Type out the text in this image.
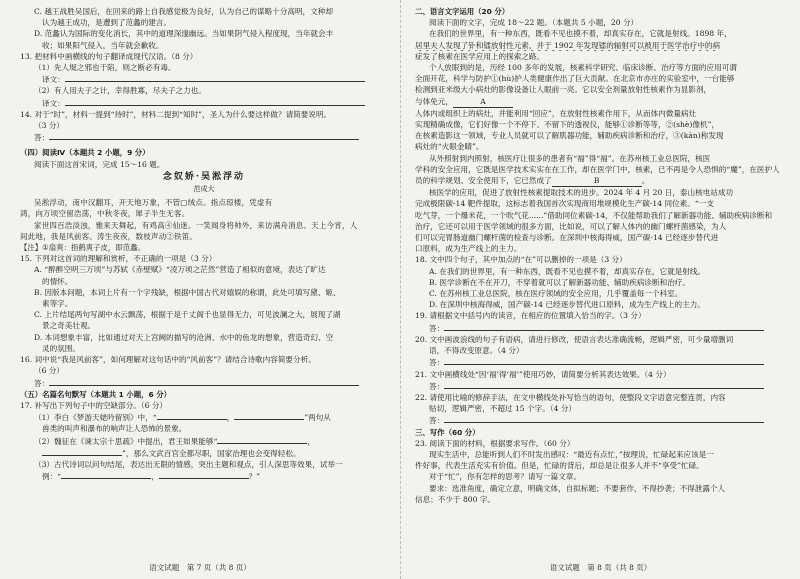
C. 越王战胜吴国后，在回来的路上自我感觉极为良好，认为自己的谋略十分高明，文种却
认为越王成功，是遭到了范蠡的建言。
D. 范蠡认为国际的变化消长，其中的道理深邃幽远。当如果阴气侵入程度现，当年就会丰
收；如果阳气侵入，当年就会歉收。
13. 把材料中画横线的句子翻译成现代汉语。（8 分）
（1）先人埏之邪也于陷，则之断必有毒。
译文：
（2）有人用夫子之计，幸得胜寡，尽夫子之力也。
译文：
14. 对于“时”，材料一提到“待时”，材料二提到“知时”，圣人为什么要这样做？请简要说明。
（3 分）
答：
（四）阅读Ⅳ（本题共 2 小题，9 分）
阅读下面这首宋词，完成 15～16 题。
念奴娇·吴淞浮动
范成大
吴淞浮动，南中汉翻耳，开天地万象，不管▢绒点。指点琼楼，凭虚有
鸿，向万顷空留浩荡，中秋冬夜，犀子半生无客。
家世四百浩淡浊，雅来天舞起，有鸡高④仙迷。一笑闻身将帅外，来访满舟消息。天上今宵，人
间此地，我是风前客。涛生夜夜，数枝声动②铁笛。
【注】①扇爽：指鹤爽子皮，即范蠡。
15. 下列对这首词的理解和赏析，不正确的一项是（3 分）
A. “醉醉空明三万顷”与苏轼《赤壁赋》“凌万顷之茫然”营造了相似的意境，表达了旷达
的情怀。
B. 因版本问题，本词上片有一个字残缺，根据中国古代对嬉娱的称谓，此处可填写黛、姬、
素等字。
C. 上片结尾两句写湖中水云飘荡，根据于是千丈阁千也显得无力，可见波澜之大，展现了湖
景之奇美壮观。
D. 本词想象丰富，比如通过对天上宫阙的描写的沧洲、水中的鱼龙的想象，营造奇幻、空
灵的氛围。
16. 词中说“我是风前客”，如何理解对这句话中的“风前客”？请结合诗歌内容简要分析。
（6 分）
答：
（五）名篇名句默写（本题共 1 小题，6 分）
17. 补写出下列句子中的空缺部分。（6 分）
（1）李白《梦游天姥吟留别》中，“	，	”两句从
兽类的叫声和瀑布的响声让人恐怖的景象。
（2）魏征在《谏太宗十思疏》中提出，君王如果能够“	，
”，那么文武百官全都尽职，国家治理也会变得轻松。
（3）古代诗词以问句结尾，表达出无限的情感，突出主题和观点，引人深思等效果，试举一
例：“	，	？”
语文试题　第 7 页（共 8 页）
二、语言文字运用（20 分）
阅读下面的文字，完成 18～22 题。（本题共 5 小题，20 分）
在我们的世界里，有一种东西，既看不见也摸不着，却真实存在，它就是射线。1898 年，
居里夫人发现了钋和镭放射性元素，并于 1902 年发现镭的辐射可以被用于医学治疗中的病
症发了核素在医学应用上的探索之路。
个人放眼到的是，历经 100 多年的发展，核素科学研究、临床诊断、治疗等方面的应用可谓
全面开花，科学与防护①(hù)护人类健康作出了巨大贡献。在北京市亦庄的实验室中，一台能够
检测到亚米级大小病灶的影像设备让人眼前一亮。它以安全剂量放射性核素作为显影剂，
与体免元，	A
人体内或组织上的病灶，并能利用“回应”，在放射性核素作用下，从而体内微量病灶
实现精确成像，它们好像一个不停下、不留下的透视仪，能够①诊断等等，②(shè)像机”，
在核素造影这一领域，专业人员就可以了解肌器功能，辅助疾病诊断和治疗，③(kàn)称发现
病灶的“火眼金睛”。
从外照射到内照射，核医疗让很多的患者有“福”得“福”。在苏州核工业总医院，核医
学科的安全应用，它既是医学技术实实在在工作，却在医学门中，核素，已不再是令人恐惧的“魔”，在医护人
员的科学规划、安全使用下，它已然成了	B	。
核医学的应用，促进了放射性核素提取技术的进步。2024 年 4 月 20 日，泰山核电站成功
完成极限碳-14 靶件提取，这标志着我国首次实现商用堆规模化生产碳-14 同位素。“一支
吃气芽，一个爆米花，一个吹气花......”借助同位素碳-14，不仅能帮助我们了解新器功能、辅助疾病诊断和
治疗，它还可以用于医学领域的很多方面，比如说，可以了解人体内的幽门螺杆菌感染，为人
们可以完胃肠道幽门螺杆菌的检查与诊断。在深圳中核海得威，国产碳-14 已经逐步替代进
口原料，成为生产线上的主力。
18. 文中四个句子，其中加点的“在”可以删掉的一项是（3 分）
A. 在我们的世界里，有一种东西，既看不见也摸不着，却真实存在，它就是射线。
B. 医学诊断在不在开刀，不穿着就可以了解新器功能、辅助疾病诊断和治疗。
C. 在苏州核工业总医院，核在医疗领域的安全应用，几乎覆盖每一个科室。
D. 在深圳中核海得威，国产碳-14 已经逐步替代进口原料，成为生产线上的主力。
19. 请根据文中括号内的读音，在相应的位置填入恰当的字。（3 分）
答：
20. 文中画波浪线的句子有语病，请进行修改，使语言表达准确流畅，逻辑严密，可少量增删词
语，不得改变原意。（4 分）
答：
21. 文中画横线处“因‘福’得‘福’”使用巧妙，请简要分析其表达效果。（4 分）
答：
22. 请使用比喻的修辞手法，在文中横线处补写恰当的语句，使整段文字语意完整连贯，内容
贴切，逻辑严密，不超过 15 个字。（4 分）
答：
三、写作（60 分）
23. 阅读下面的材料，根据要求写作。（60 分）
现实生活中，总能听到人们不时发出感叹：“最近有点忙，”按理说，忙碌起来应该是一
件好事，代表生活充实有价值。但是，忙碌的背后，却总是让很多人并不“享受”忙碌。
对于“忙”，你有怎样的思考？请写一篇文章。
要求：选准角度，确定立意，明确文体，自拟标题；不要套作，不得抄袭；不得泄露个人
信息；不少于 800 字。
语文试题　第 8 页（共 8 页）
